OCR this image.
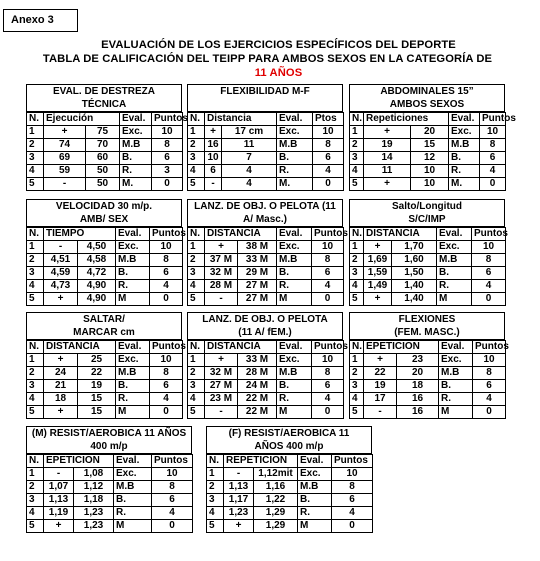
Anexo 3
EVALUACIÓN DE LOS EJERCICIOS ESPECÍFICOS DEL DEPORTE
TABLA DE CALIFICACIÓN DEL TEIPP PARA AMBOS SEXOS EN LA CATEGORÍA DE
11 AÑOS
EVAL. DE DESTREZA
TÉCNICA
N.	Ejecución		Eval.	Puntos
1	+	75	Exc.	10
2	74	70	M.B	8
3	69	60	B.	6
4	59	50	R.	3
5	-	50	M.	0
FLEXIBILIDAD M-F
N.	Distancia		Eval.	Ptos
1	+	17 cm	Exc.	10
2	16	11	M.B	8
3	10	7	B.	6
4	6	4	R.	4
5	-	4	M.	0
ABDOMINALES 15”
AMBOS SEXOS
N.	Repeticiones		Eval.	Puntos
1	+	20	Exc.	10
2	19	15	M.B	8
3	14	12	B.	6
4	11	10	R.	4
5	+	10	M.	0
VELOCIDAD 30 m/p.
AMB/ SEX
N.	TIEMPO		Eval.	Puntos
1	-	4,50	Exc.	10
2	4,51	4,58	M.B	8
3	4,59	4,72	B.	6
4	4,73	4,90	R.	4
5	+	4,90	M	0
LANZ. DE OBJ. O PELOTA (11
A/ Masc.)
N.	DISTANCIA		Eval.	Puntos
1	+	38 M	Exc.	10
2	37 M	33 M	M.B	8
3	32 M	29 M	B.	6
4	28 M	27 M	R.	4
5	-	27 M	M	0
Salto/Longitud
S/C/IMP
N.	DISTANCIA		Eval.	Puntos
1	+	1,70	Exc.	10
2	1,69	1,60	M.B	8
3	1,59	1,50	B.	6
4	1,49	1,40	R.	4
5	+	1,40	M	0
SALTAR/
MARCAR cm
N.	DISTANCIA		Eval.	Puntos
1	+	25	Exc.	10
2	24	22	M.B	8
3	21	19	B.	6
4	18	15	R.	4
5	+	15	M	0
LANZ. DE OBJ. O PELOTA
(11 A/ fEM.)
N.	DISTANCIA		Eval.	Puntos
1	+	33 M	Exc.	10
2	32 M	28 M	M.B	8
3	27 M	24 M	B.	6
4	23 M	22 M	R.	4
5	-	22 M	M	0
FLEXIONES
(FEM. MASC.)
N.	EPETICION		Eval.	Puntos
1	+	23	Exc.	10
2	22	20	M.B	8
3	19	18	B.	6
4	17	16	R.	4
5	-	16	M	0
(M) RESIST/AEROBICA 11 AÑOS
400 m/p
N.	EPETICION		Eval.	Puntos
1	-	1,08	Exc.	10
2	1,07	1,12	M.B	8
3	1,13	1,18	B.	6
4	1,19	1,23	R.	4
5	+	1,23	M	0
(F) RESIST/AEROBICA 11
AÑOS 400 m/p
N.	REPETICION		Eval.	Puntos
1	-	1,12mit	Exc.	10
2	1,13	1,16	M.B	8
3	1,17	1,22	B.	6
4	1,23	1,29	R.	4
5	+	1,29	M	0
